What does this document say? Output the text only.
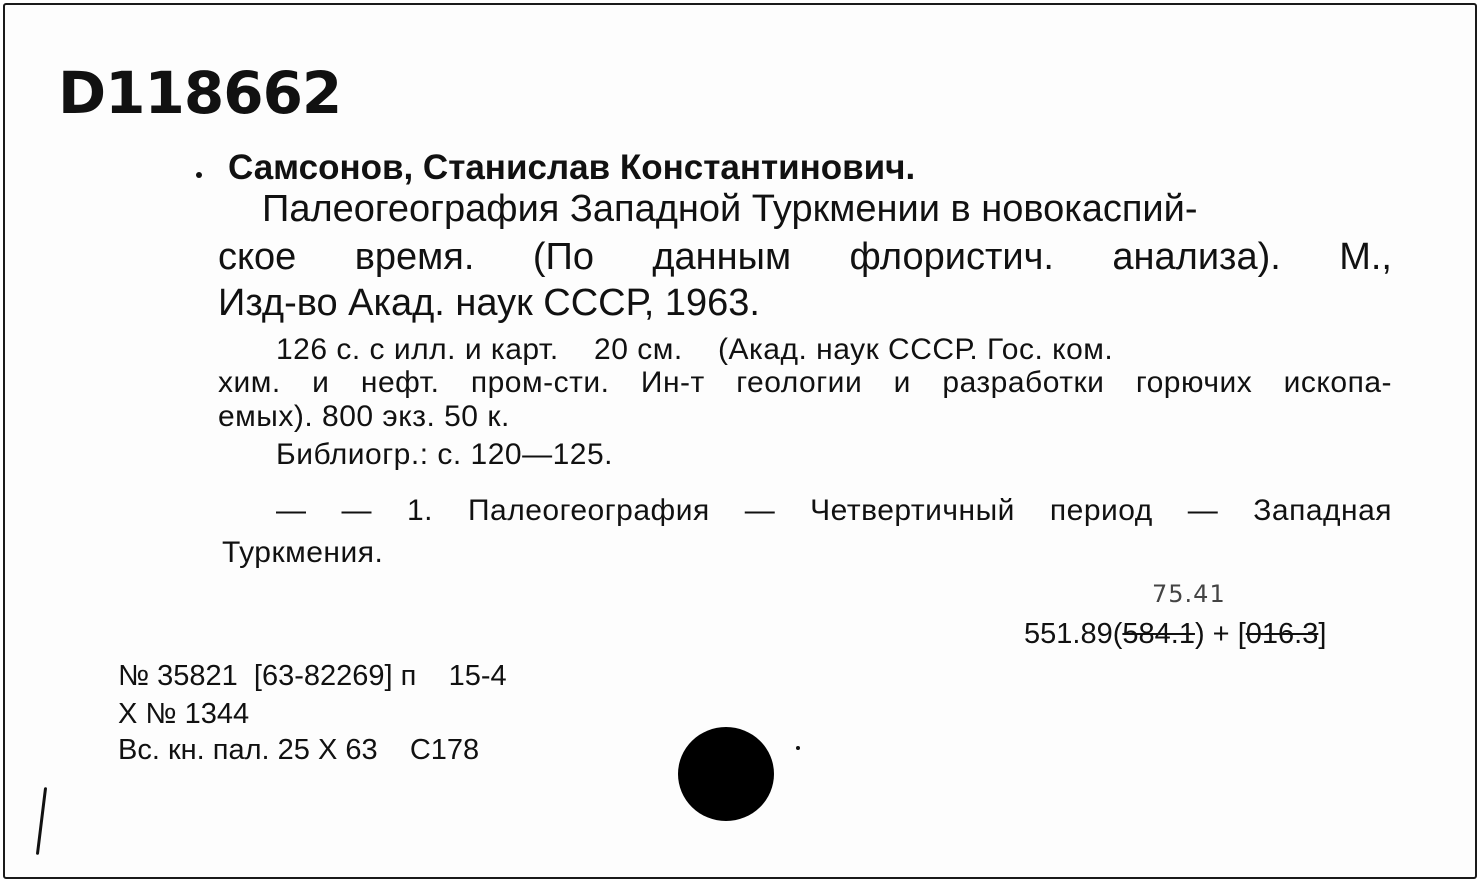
D118662
Самсонов, Станислав Константинович.
Палеогеография Западной Туркмении в новокаспий-
ское время. (По данным флористич. анализа). М.,
Изд-во Акад. наук СССР, 1963.
126 с. с илл. и карт.    20 см.    (Акад. наук СССР. Гос. ком.
хим. и нефт. пром-сти. Ин-т геологии и разработки горючих ископа-
емых). 800 экз. 50 к.
Библиогр.: с. 120—125.
— — 1. Палеогеография — Четвертичный период — Западная
Туркмения.
75.41
551.89(584.1) + [016.3]
№ 35821  [63-82269] п    15-4
X № 1344
Вс. кн. пал. 25 X 63    С178
